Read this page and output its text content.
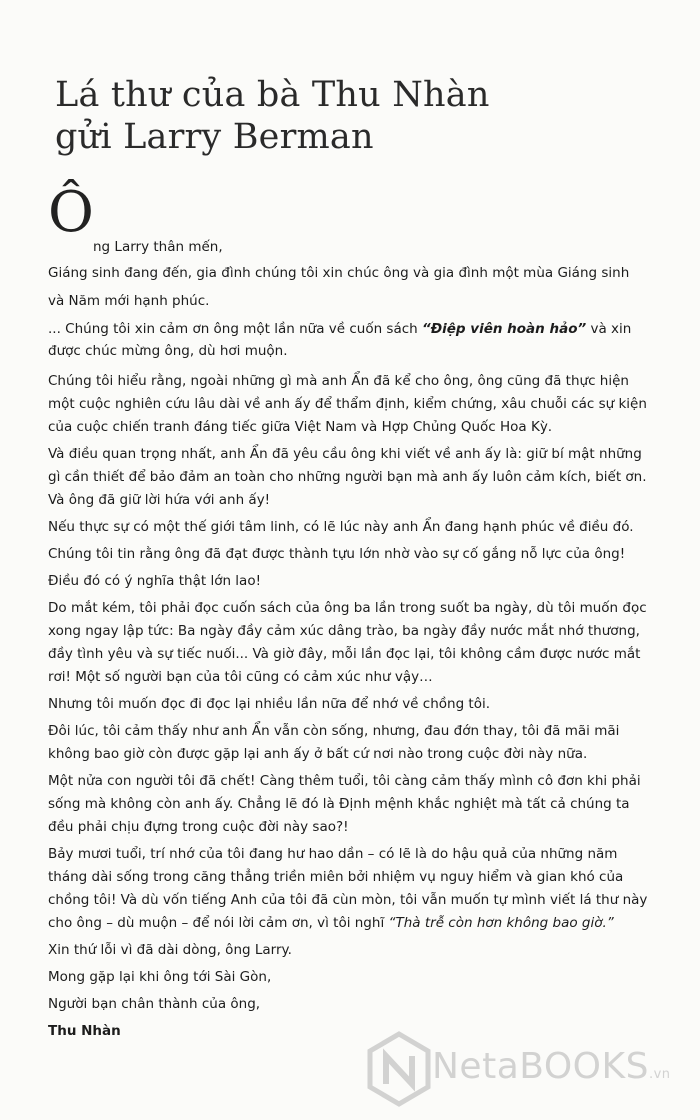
Lá thư của bà Thu Nhàn
gửi Larry Berman
Ô

ng Larry thân mến,

Giáng sinh đang đến, gia đình chúng tôi xin chúc ông và gia đình một mùa Giáng sinh

và Năm mới hạnh phúc.

... Chúng tôi xin cảm ơn ông một lần nữa về cuốn sách “Điệp viên hoàn hảo” và xin

được chúc mừng ông, dù hơi muộn.

Chúng tôi hiểu rằng, ngoài những gì mà anh Ẩn đã kể cho ông, ông cũng đã thực hiện

một cuộc nghiên cứu lâu dài về anh ấy để thẩm định, kiểm chứng, xâu chuỗi các sự kiện

của cuộc chiến tranh đáng tiếc giữa Việt Nam và Hợp Chủng Quốc Hoa Kỳ.

Và điều quan trọng nhất, anh Ẩn đã yêu cầu ông khi viết về anh ấy là: giữ bí mật những

gì cần thiết để bảo đảm an toàn cho những người bạn mà anh ấy luôn cảm kích, biết ơn.

Và ông đã giữ lời hứa với anh ấy!

Nếu thực sự có một thế giới tâm linh, có lẽ lúc này anh Ẩn đang hạnh phúc về điều đó.

Chúng tôi tin rằng ông đã đạt được thành tựu lớn nhờ vào sự cố gắng nỗ lực của ông!

Điều đó có ý nghĩa thật lớn lao!

Do mắt kém, tôi phải đọc cuốn sách của ông ba lần trong suốt ba ngày, dù tôi muốn đọc

xong ngay lập tức: Ba ngày đầy cảm xúc dâng trào, ba ngày đầy nước mắt nhớ thương,

đầy tình yêu và sự tiếc nuối... Và giờ đây, mỗi lần đọc lại, tôi không cầm được nước mắt

rơi! Một số người bạn của tôi cũng có cảm xúc như vậy…

Nhưng tôi muốn đọc đi đọc lại nhiều lần nữa để nhớ về chồng tôi.

Đôi lúc, tôi cảm thấy như anh Ẩn vẫn còn sống, nhưng, đau đớn thay, tôi đã mãi mãi

không bao giờ còn được gặp lại anh ấy ở bất cứ nơi nào trong cuộc đời này nữa.

Một nửa con người tôi đã chết! Càng thêm tuổi, tôi càng cảm thấy mình cô đơn khi phải

sống mà không còn anh ấy. Chẳng lẽ đó là Định mệnh khắc nghiệt mà tất cả chúng ta

đều phải chịu đựng trong cuộc đời này sao?!

Bảy mươi tuổi, trí nhớ của tôi đang hư hao dần – có lẽ là do hậu quả của những năm

tháng dài sống trong căng thẳng triền miên bởi nhiệm vụ nguy hiểm và gian khó của

chồng tôi! Và dù vốn tiếng Anh của tôi đã cùn mòn, tôi vẫn muốn tự mình viết lá thư này

cho ông – dù muộn – để nói lời cảm ơn, vì tôi nghĩ “Thà trễ còn hơn không bao giờ.”

Xin thứ lỗi vì đã dài dòng, ông Larry.

Mong gặp lại khi ông tới Sài Gòn,

Người bạn chân thành của ông,

Thu Nhàn

NetaBOOKS.vn
